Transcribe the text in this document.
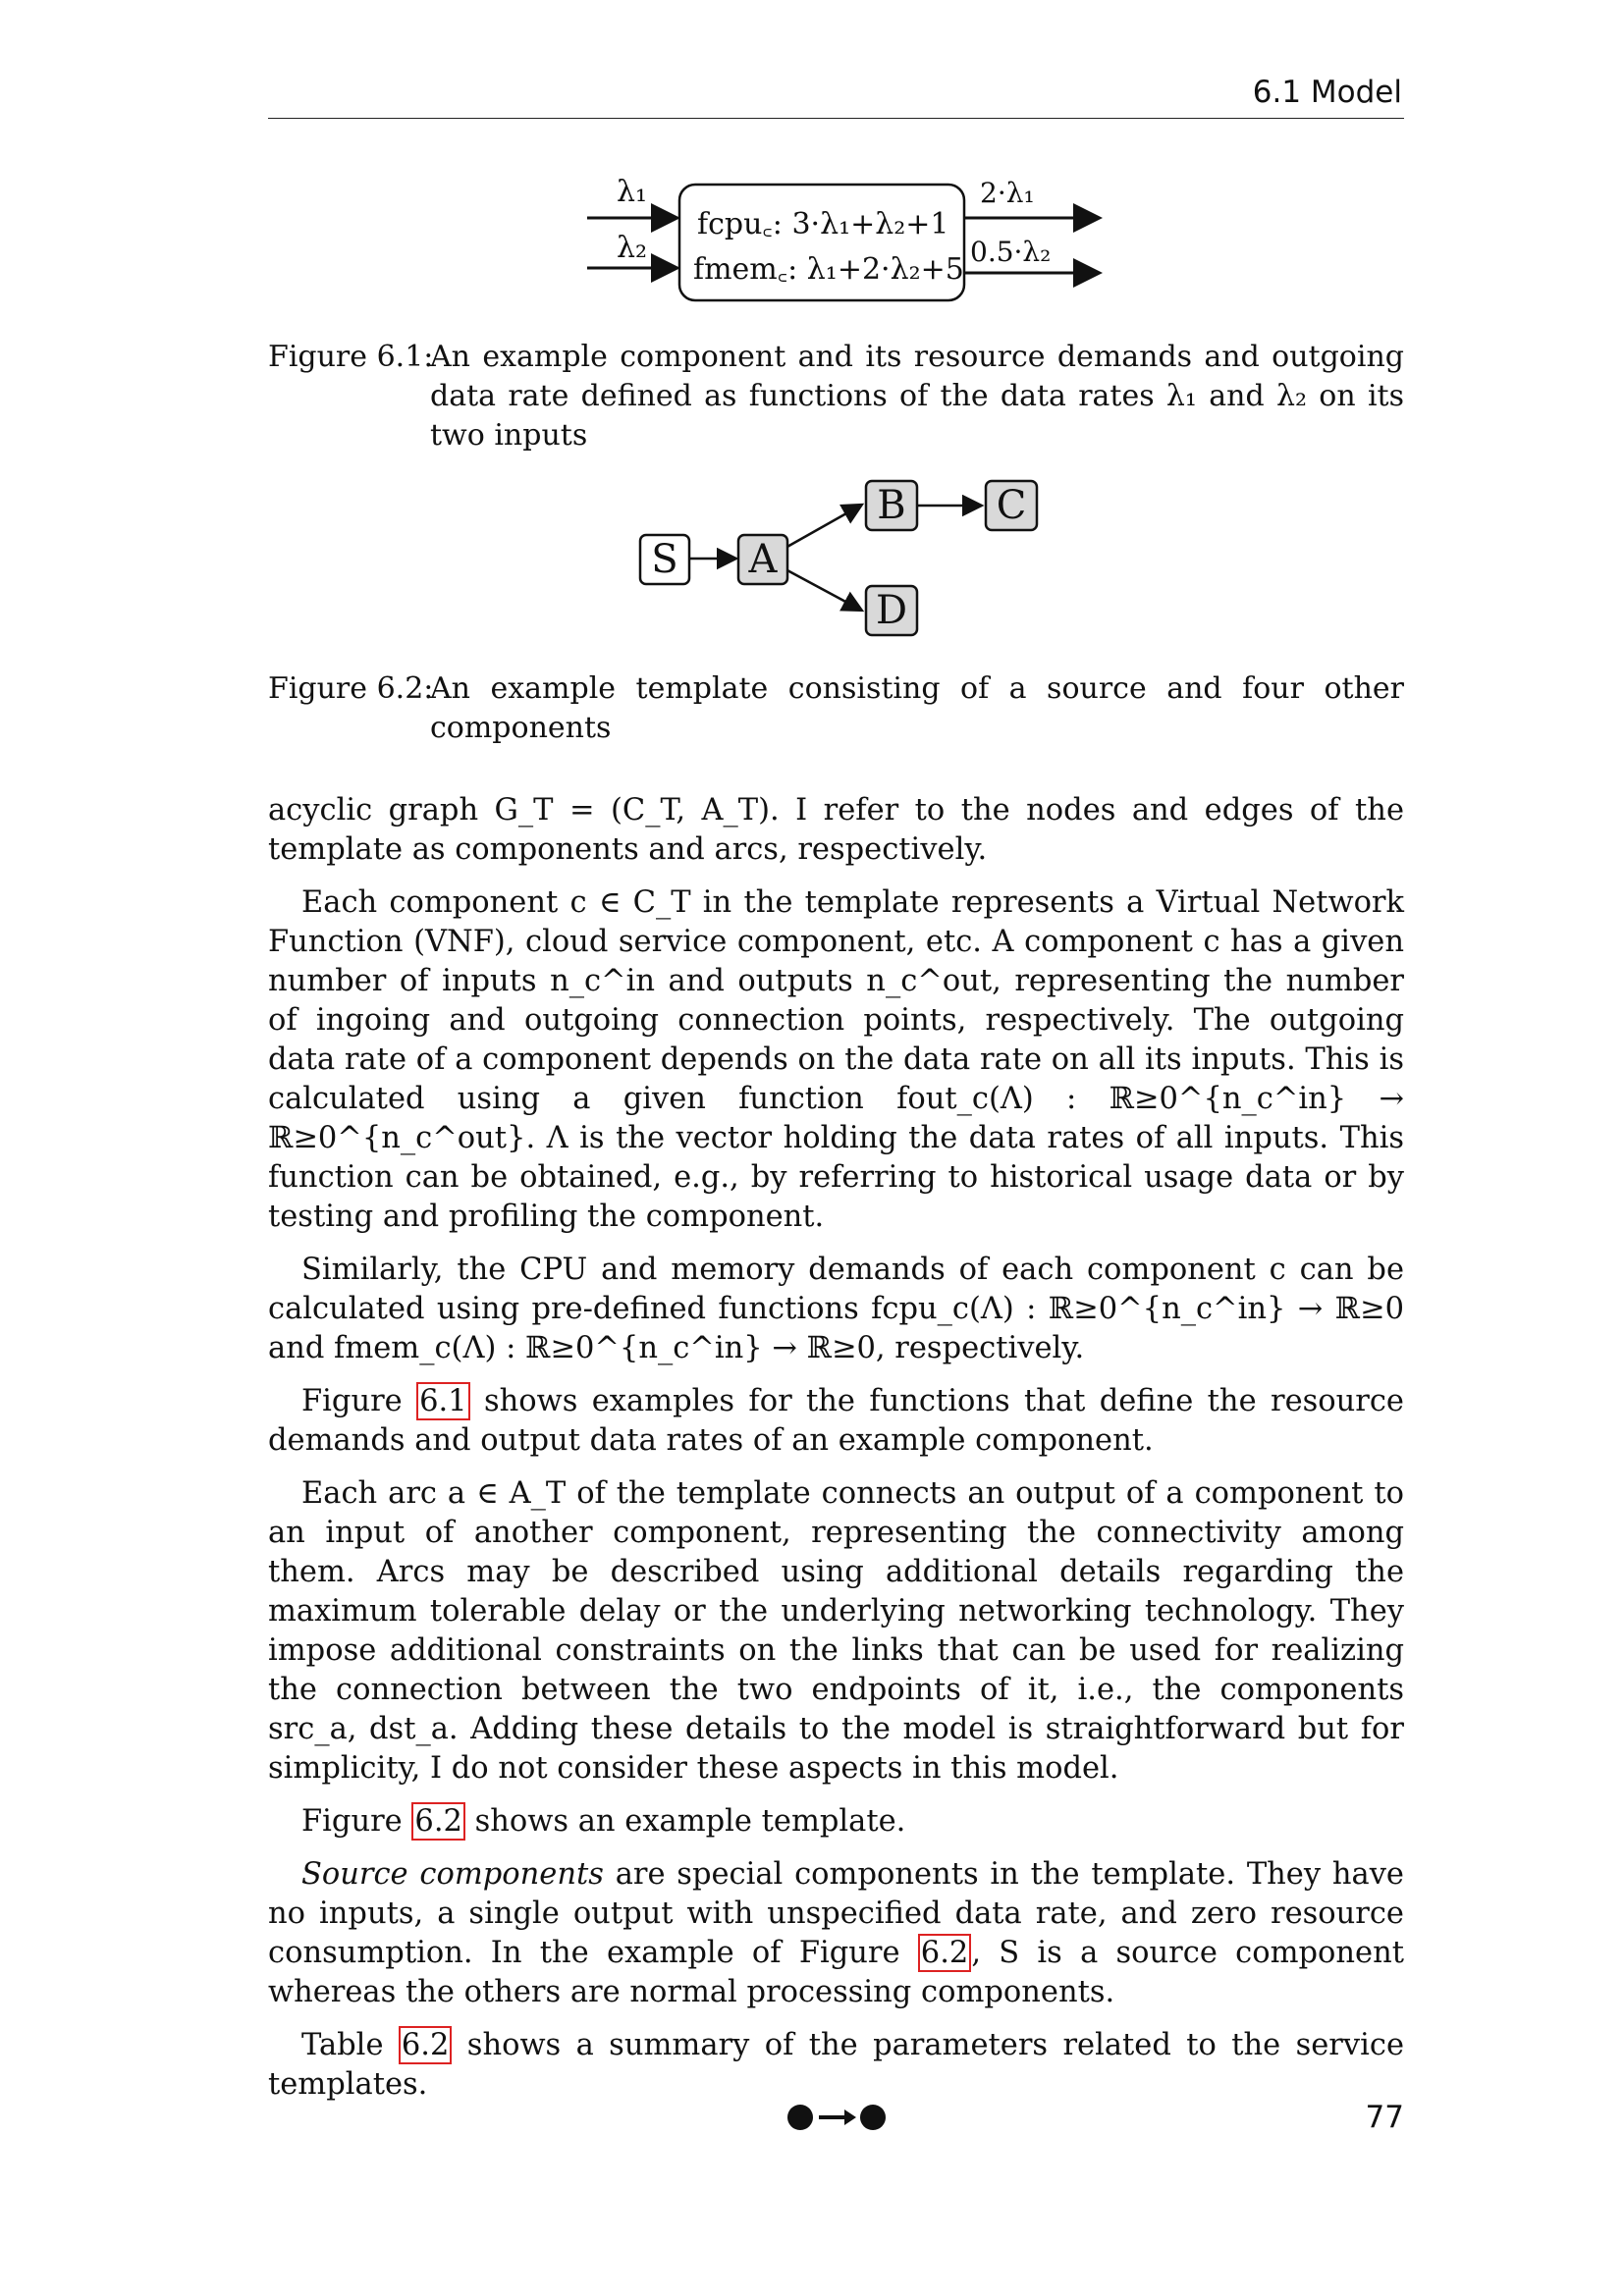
6.1 Model
λ₁
λ₂
fcpu꜀: 3·λ₁+λ₂+1
fmem꜀: λ₁+2·λ₂+5
2·λ₁
0.5·λ₂
Figure 6.1:
An example component and its resource demands and outgoing data rate defined as functions of the data rates λ₁ and λ₂ on its two inputs
S A
B C
D
Figure 6.2:
An example template consisting of a source and four other components

acyclic graph G_T = (C_T, A_T). I refer to the nodes and edges of the template as components and arcs, respectively.

Each component c ∈ C_T in the template represents a Virtual Network Function (VNF), cloud service component, etc. A component c has a given number of inputs n_c^in and outputs n_c^out, representing the number of ingoing and outgoing connection points, respectively. The outgoing data rate of a component depends on the data rate on all its inputs. This is calculated using a given function fout_c(Λ) : ℝ≥0^{n_c^in} → ℝ≥0^{n_c^out}. Λ is the vector holding the data rates of all inputs. This function can be obtained, e.g., by referring to historical usage data or by testing and profiling the component.

Similarly, the CPU and memory demands of each component c can be calculated using pre-defined functions fcpu_c(Λ) : ℝ≥0^{n_c^in} → ℝ≥0 and fmem_c(Λ) : ℝ≥0^{n_c^in} → ℝ≥0, respectively.

Figure 6.1 shows examples for the functions that define the resource demands and output data rates of an example component.

Each arc a ∈ A_T of the template connects an output of a component to an input of another component, representing the connectivity among them. Arcs may be described using additional details regarding the maximum tolerable delay or the underlying networking technology. They impose additional constraints on the links that can be used for realizing the connection between the two endpoints of it, i.e., the components src_a, dst_a. Adding these details to the model is straightforward but for simplicity, I do not consider these aspects in this model.

Figure 6.2 shows an example template.

Source components are special components in the template. They have no inputs, a single output with unspecified data rate, and zero resource consumption. In the example of Figure 6.2, S is a source component whereas the others are normal processing components.

Table 6.2 shows a summary of the parameters related to the service templates.

77
